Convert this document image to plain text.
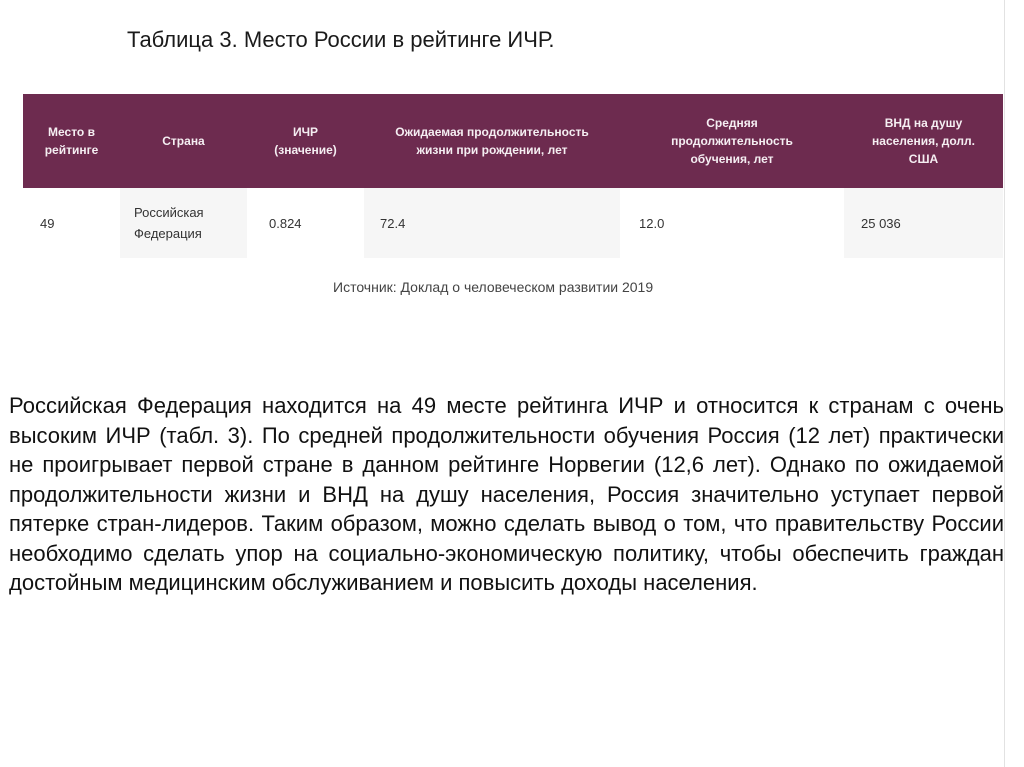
Таблица 3. Место России в рейтинге ИЧР.
Место в рейтинге	Страна	ИЧР (значение)	Ожидаемая продолжительность жизни при рождении, лет	Средняя продолжительность обучения, лет	ВНД на душу населения, долл. США
49	Российская Федерация	0.824	72.4	12.0	25 036
Источник: Доклад о человеческом развитии 2019

Российская Федерация находится на 49 месте рейтинга ИЧР и относится к странам с очень высоким ИЧР (табл. 3). По средней продолжительности обучения Россия (12 лет) практически не проигрывает первой стране в данном рейтинге Норвегии (12,6 лет). Однако по ожидаемой продолжительности жизни и ВНД на душу населения, Россия значительно уступает первой пятерке стран-лидеров. Таким образом, можно сделать вывод о том, что правительству России необходимо сделать упор на социально-экономическую политику, чтобы обеспечить граждан достойным медицинским обслуживанием и повысить доходы населения.
